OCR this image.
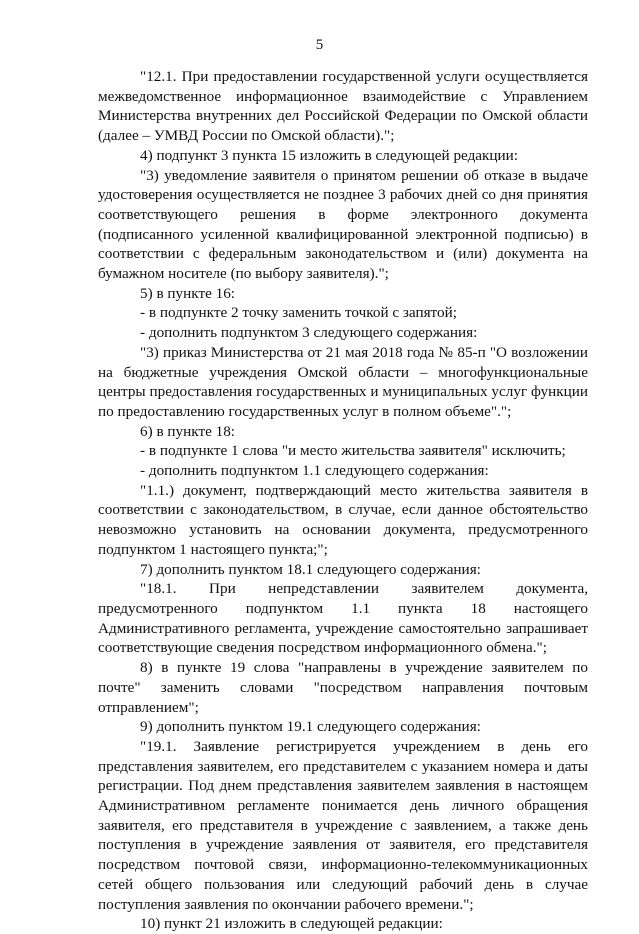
5

"12.1. При предоставлении государственной услуги осуществляется межведомственное информационное взаимодействие с Управлением Министерства внутренних дел Российской Федерации по Омской области (далее – УМВД России по Омской области).";

4) подпункт 3 пункта 15 изложить в следующей редакции:

"3) уведомление заявителя о принятом решении об отказе в выдаче удостоверения осуществляется не позднее 3 рабочих дней со дня принятия соответствующего решения в форме электронного документа (подписанного усиленной квалифицированной электронной подписью) в соответствии с федеральным законодательством и (или) документа на бумажном носителе (по выбору заявителя).";

5) в пункте 16:

- в подпункте 2 точку заменить точкой с запятой;

- дополнить подпунктом 3 следующего содержания:

"3) приказ Министерства от 21 мая 2018 года № 85-п "О возложении на бюджетные учреждения Омской области – многофункциональные центры предоставления государственных и муниципальных услуг функции по предоставлению государственных услуг в полном объеме".";

6) в пункте 18:

- в подпункте 1 слова "и место жительства заявителя" исключить;

- дополнить подпунктом 1.1 следующего содержания:

"1.1.) документ, подтверждающий место жительства заявителя в соответствии с законодательством, в случае, если данное обстоятельство невозможно установить на основании документа, предусмотренного подпунктом 1 настоящего пункта;";

7) дополнить пунктом 18.1 следующего содержания:

"18.1. При непредставлении заявителем документа, предусмотренного подпунктом 1.1 пункта 18 настоящего Административного регламента, учреждение самостоятельно запрашивает соответствующие сведения посредством информационного обмена.";

8) в пункте 19 слова "направлены в учреждение заявителем по почте" заменить словами "посредством направления почтовым отправлением";

9) дополнить пунктом 19.1 следующего содержания:

"19.1. Заявление регистрируется учреждением в день его представления заявителем, его представителем с указанием номера и даты регистрации. Под днем представления заявителем заявления в настоящем Административном регламенте понимается день личного обращения заявителя, его представителя в учреждение с заявлением, а также день поступления в учреждение заявления от заявителя, его представителя посредством почтовой связи, информационно-телекоммуникационных сетей общего пользования или следующий рабочий день в случае поступления заявления по окончании рабочего времени.";

10) пункт 21 изложить в следующей редакции:
